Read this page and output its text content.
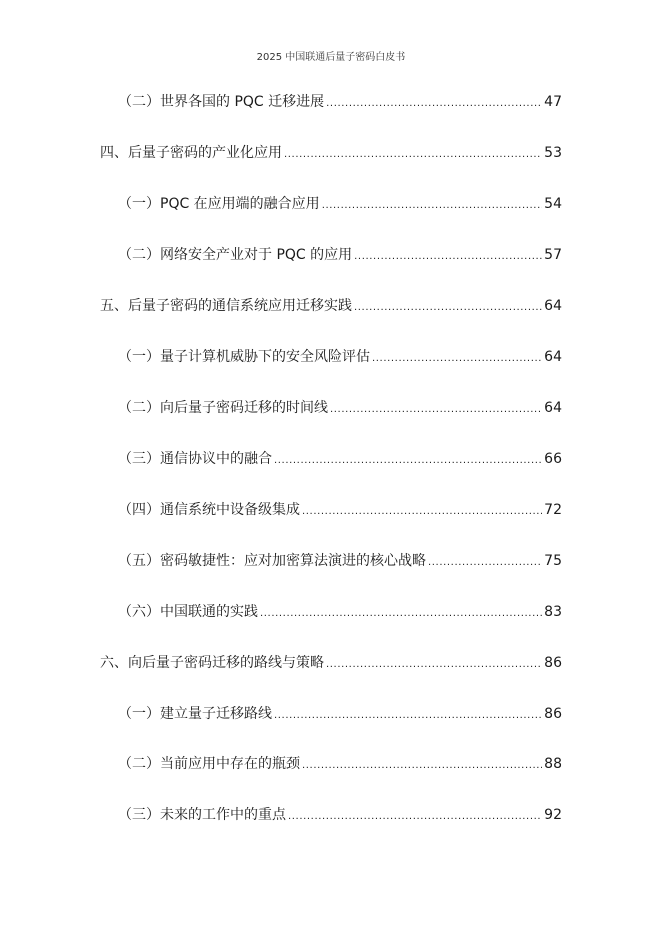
2025 中国联通后量子密码白皮书
（二）世界各国的 PQC 迁移进展 .....	47
四、后量子密码的产业化应用 .....	53
（一）PQC 在应用端的融合应用 .....	54
（二）网络安全产业对于 PQC 的应用 .....	57
五、后量子密码的通信系统应用迁移实践 .....	64
（一）量子计算机威胁下的安全风险评估 .....	64
（二）向后量子密码迁移的时间线 .....	64
（三）通信协议中的融合 .....	66
（四）通信系统中设备级集成 .....	72
（五）密码敏捷性：应对加密算法演进的核心战略 .....	75
（六）中国联通的实践 .....	83
六、向后量子密码迁移的路线与策略 .....	86
（一）建立量子迁移路线 .....	86
（二）当前应用中存在的瓶颈 .....	88
（三）未来的工作中的重点 .....	92
